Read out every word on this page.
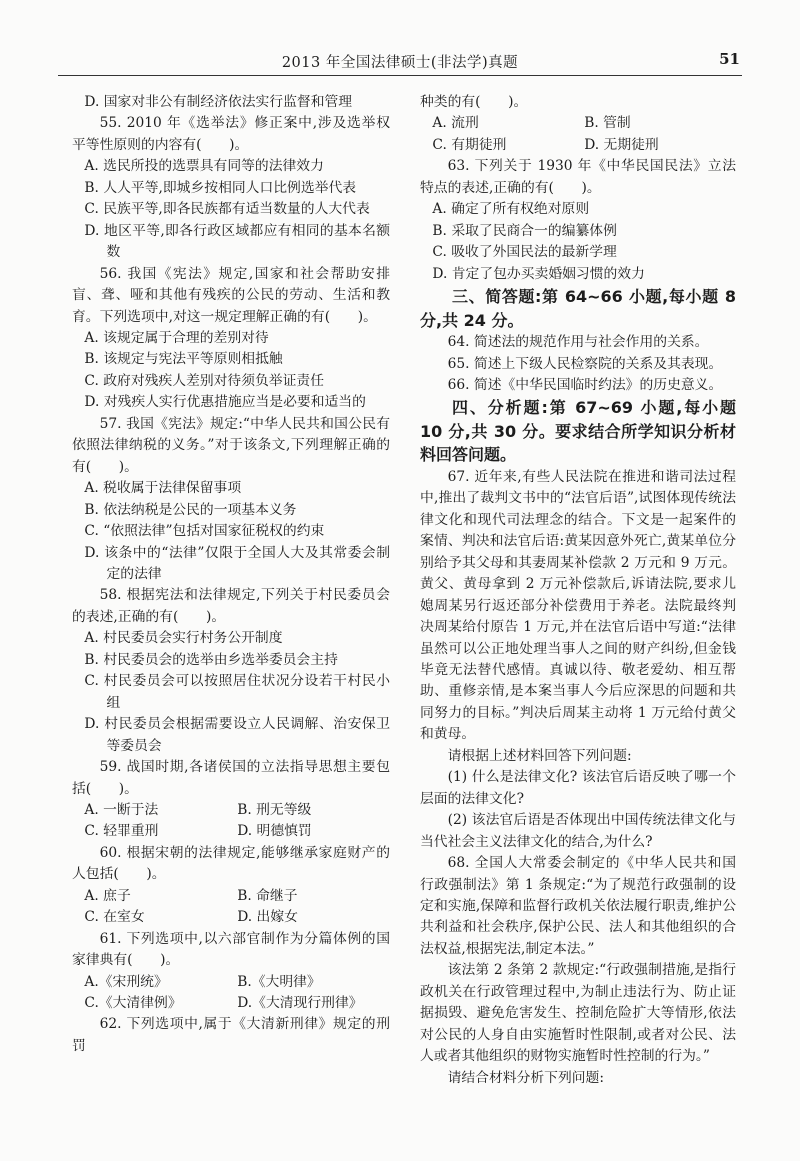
2013 年全国法律硕士(非法学)真题	51
D. 国家对非公有制经济依法实行监督和管理
55. 2010 年《选举法》修正案中,涉及选举权平等性原则的内容有(　　)。
A. 选民所投的选票具有同等的法律效力
B. 人人平等,即城乡按相同人口比例选举代表
C. 民族平等,即各民族都有适当数量的人大代表
D. 地区平等,即各行政区域都应有相同的基本名额数
56. 我国《宪法》规定,国家和社会帮助安排盲、聋、哑和其他有残疾的公民的劳动、生活和教育。下列选项中,对这一规定理解正确的有(　　)。
A. 该规定属于合理的差别对待
B. 该规定与宪法平等原则相抵触
C. 政府对残疾人差别对待须负举证责任
D. 对残疾人实行优惠措施应当是必要和适当的
57. 我国《宪法》规定:“中华人民共和国公民有依照法律纳税的义务。”对于该条文,下列理解正确的有(　　)。
A. 税收属于法律保留事项
B. 依法纳税是公民的一项基本义务
C. “依照法律”包括对国家征税权的约束
D. 该条中的“法律”仅限于全国人大及其常委会制定的法律
58. 根据宪法和法律规定,下列关于村民委员会的表述,正确的有(　　)。
A. 村民委员会实行村务公开制度
B. 村民委员会的选举由乡选举委员会主持
C. 村民委员会可以按照居住状况分设若干村民小组
D. 村民委员会根据需要设立人民调解、治安保卫等委员会
59. 战国时期,各诸侯国的立法指导思想主要包括(　　)。
A. 一断于法	B. 刑无等级
C. 轻罪重刑	D. 明德慎罚
60. 根据宋朝的法律规定,能够继承家庭财产的人包括(　　)。
A. 庶子	B. 命继子
C. 在室女	D. 出嫁女
61. 下列选项中,以六部官制作为分篇体例的国家律典有(　　)。
A.《宋刑统》	B.《大明律》
C.《大清律例》	D.《大清现行刑律》
62. 下列选项中,属于《大清新刑律》规定的刑罚
种类的有(　　)。
A. 流刑	B. 管制
C. 有期徒刑	D. 无期徒刑
63. 下列关于 1930 年《中华民国民法》立法特点的表述,正确的有(　　)。
A. 确定了所有权绝对原则
B. 采取了民商合一的编纂体例
C. 吸收了外国民法的最新学理
D. 肯定了包办买卖婚姻习惯的效力
三、简答题:第 64~66 小题,每小题 8 分,共 24 分。
64. 简述法的规范作用与社会作用的关系。
65. 简述上下级人民检察院的关系及其表现。
66. 简述《中华民国临时约法》的历史意义。
四、分析题:第 67~69 小题,每小题 10 分,共 30 分。要求结合所学知识分析材料回答问题。
67. 近年来,有些人民法院在推进和谐司法过程中,推出了裁判文书中的“法官后语”,试图体现传统法律文化和现代司法理念的结合。下文是一起案件的案情、判决和法官后语:黄某因意外死亡,黄某单位分别给予其父母和其妻周某补偿款 2 万元和 9 万元。黄父、黄母拿到 2 万元补偿款后,诉请法院,要求儿媳周某另行返还部分补偿费用于养老。法院最终判决周某给付原告 1 万元,并在法官后语中写道:“法律虽然可以公正地处理当事人之间的财产纠纷,但金钱毕竟无法替代感情。真诚以待、敬老爱幼、相互帮助、重修亲情,是本案当事人今后应深思的问题和共同努力的目标。”判决后周某主动将 1 万元给付黄父和黄母。
请根据上述材料回答下列问题:
(1) 什么是法律文化? 该法官后语反映了哪一个层面的法律文化?
(2) 该法官后语是否体现出中国传统法律文化与当代社会主义法律文化的结合,为什么?
68. 全国人大常委会制定的《中华人民共和国行政强制法》第 1 条规定:“为了规范行政强制的设定和实施,保障和监督行政机关依法履行职责,维护公共利益和社会秩序,保护公民、法人和其他组织的合法权益,根据宪法,制定本法。”
该法第 2 条第 2 款规定:“行政强制措施,是指行政机关在行政管理过程中,为制止违法行为、防止证据损毁、避免危害发生、控制危险扩大等情形,依法对公民的人身自由实施暂时性限制,或者对公民、法人或者其他组织的财物实施暂时性控制的行为。”
请结合材料分析下列问题:
